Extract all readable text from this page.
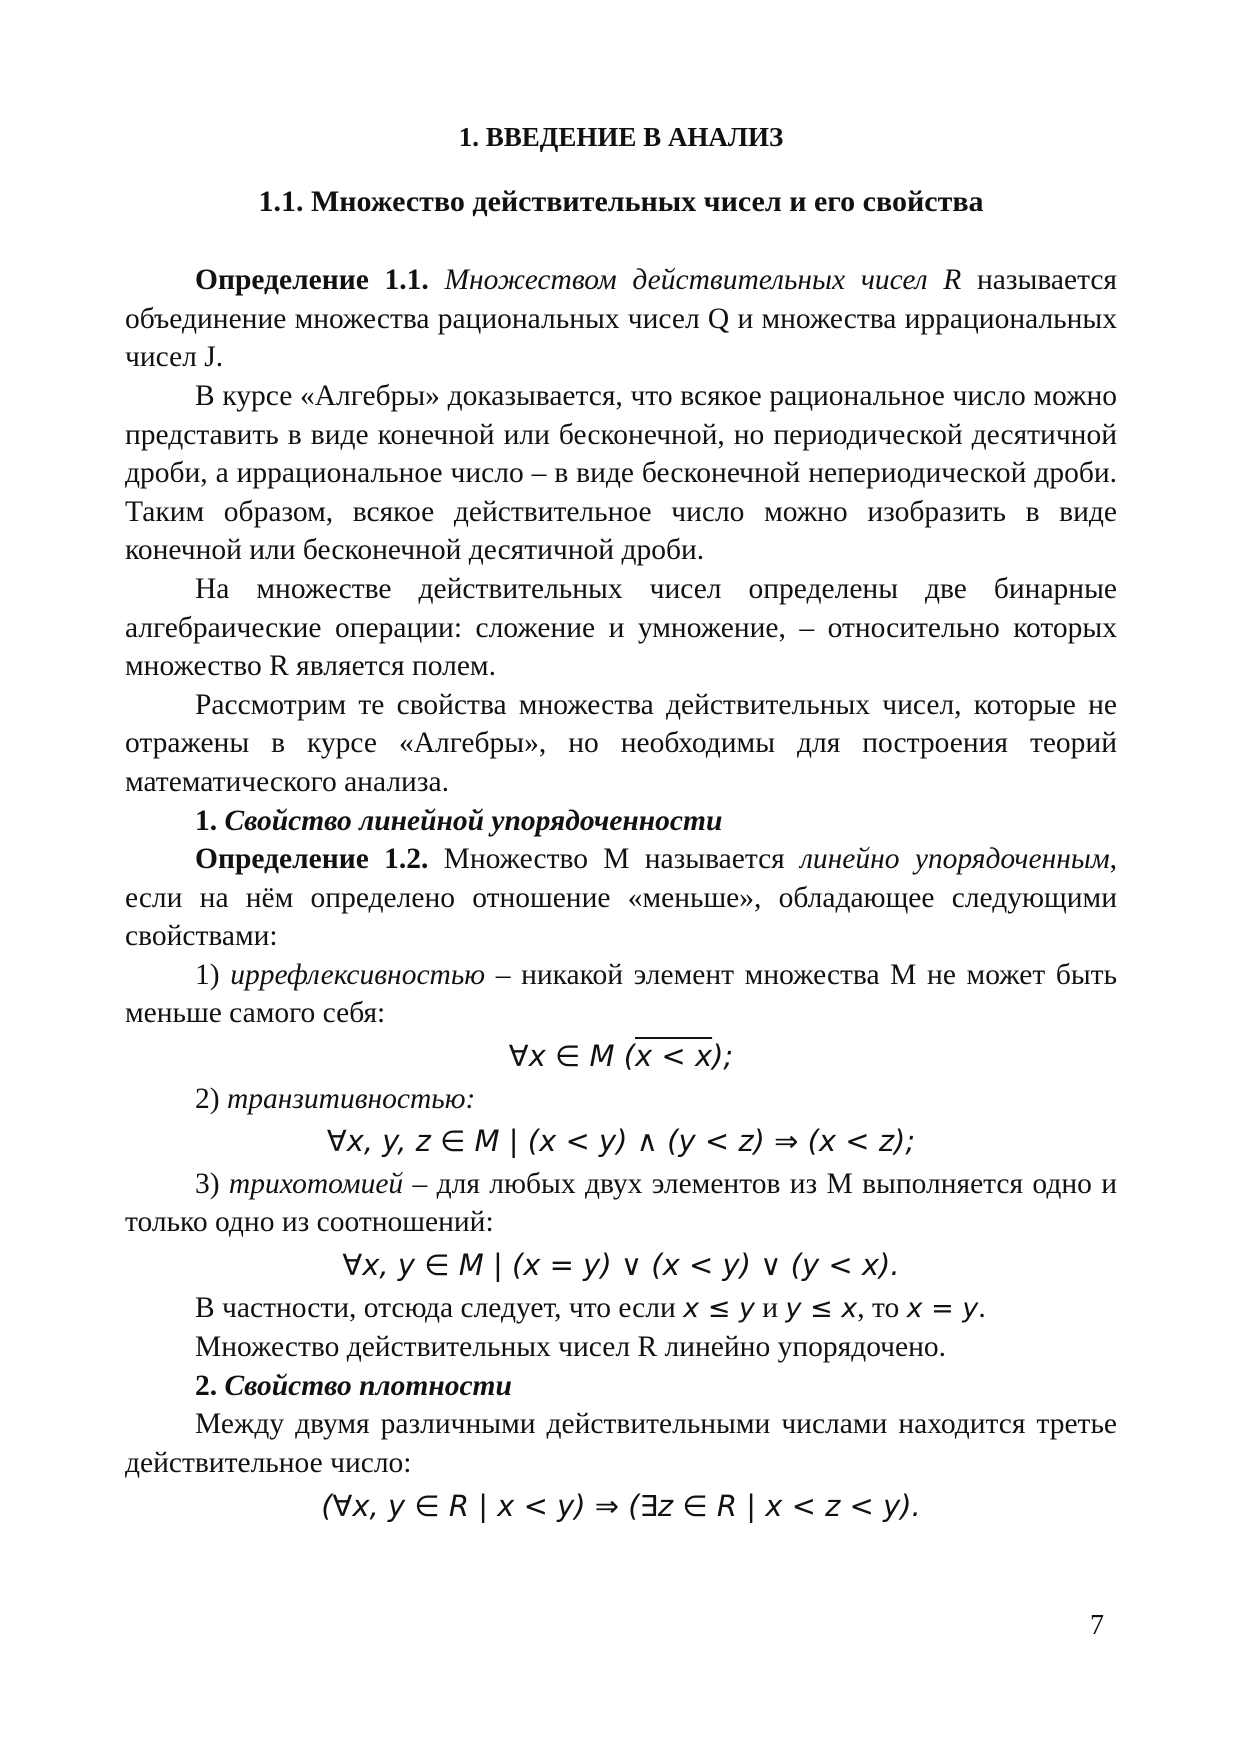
1. ВВЕДЕНИЕ В АНАЛИЗ
1.1. Множество действительных чисел и его свойства

Определение 1.1. Множеством действительных чисел R называется объединение множества рациональных чисел Q и множества иррациональных чисел J.

В курсе «Алгебры» доказывается, что всякое рациональное число можно представить в виде конечной или бесконечной, но периодической десятичной дроби, а иррациональное число – в виде бесконечной непериодической дроби. Таким образом, всякое действительное число можно изобразить в виде конечной или бесконечной десятичной дроби.

На множестве действительных чисел определены две бинарные алгебраические операции: сложение и умножение, – относительно которых множество R является полем.

Рассмотрим те свойства множества действительных чисел, которые не отражены в курсе «Алгебры», но необходимы для построения теорий математического анализа.

1. Свойство линейной упорядоченности

Определение 1.2. Множество M называется линейно упорядоченным, если на нём определено отношение «меньше», обладающее следующими свойствами:

1) иррефлексивностью – никакой элемент множества M не может быть меньше самого себя:

∀x ∈ M (x < x);

2) транзитивностью:

∀x, y, z ∈ M | (x < y) ∧ (y < z) ⇒ (x < z);

3) трихотомией – для любых двух элементов из M выполняется одно и только одно из соотношений:

∀x, y ∈ M | (x = y) ∨ (x < y) ∨ (y < x).

В частности, отсюда следует, что если x ≤ y и y ≤ x, то x = y.

Множество действительных чисел R линейно упорядочено.

2. Свойство плотности

Между двумя различными действительными числами находится третье действительное число:

(∀x, y ∈ R | x < y) ⇒ (∃z ∈ R | x < z < y).
7
